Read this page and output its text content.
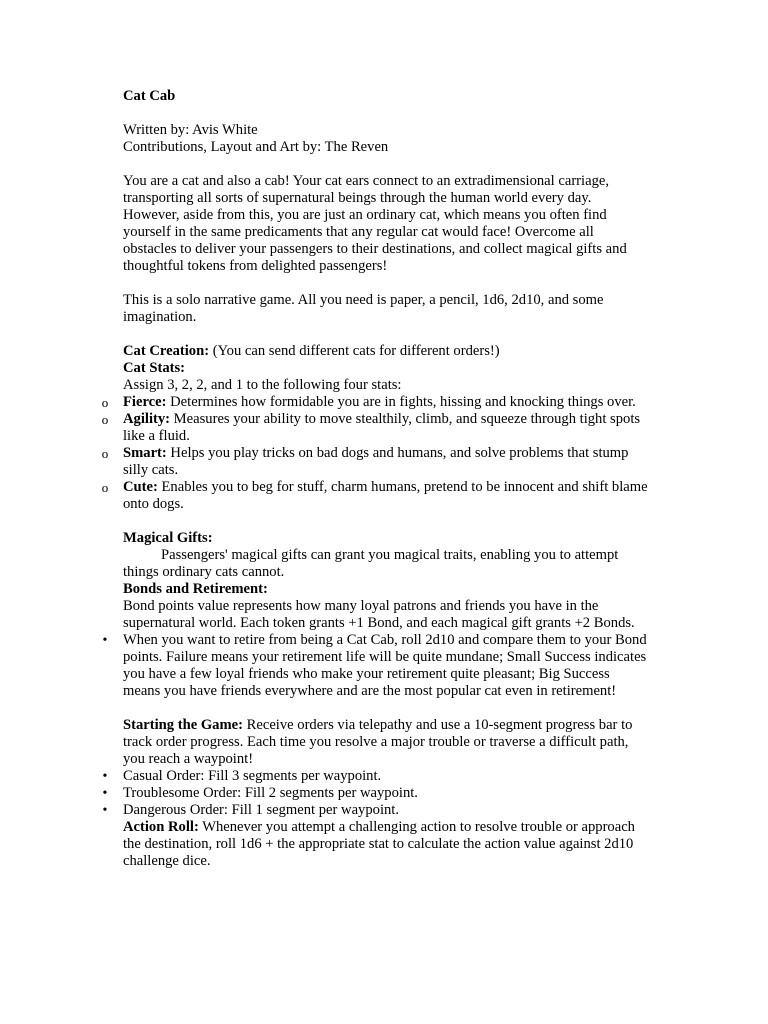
Cat Cab

Written by: Avis White

Contributions, Layout and Art by: The Reven

You are a cat and also a cab! Your cat ears connect to an extradimensional carriage, transporting all sorts of supernatural beings through the human world every day. However, aside from this, you are just an ordinary cat, which means you often find yourself in the same predicaments that any regular cat would face! Overcome all obstacles to deliver your passengers to their destinations, and collect magical gifts and thoughtful tokens from delighted passengers!

This is a solo narrative game. All you need is paper, a pencil, 1d6, 2d10, and some imagination.

Cat Creation: (You can send different cats for different orders!)

Cat Stats:

Assign 3, 2, 2, and 1 to the following four stats:

o Fierce: Determines how formidable you are in fights, hissing and knocking things over.
o Agility: Measures your ability to move stealthily, climb, and squeeze through tight spots like a fluid.
o Smart: Helps you play tricks on bad dogs and humans, and solve problems that stump silly cats.
o Cute: Enables you to beg for stuff, charm humans, pretend to be innocent and shift blame onto dogs.

Magical Gifts:

Passengers' magical gifts can grant you magical traits, enabling you to attempt things ordinary cats cannot.

Bonds and Retirement:

Bond points value represents how many loyal patrons and friends you have in the supernatural world. Each token grants +1 Bond, and each magical gift grants +2 Bonds.

• When you want to retire from being a Cat Cab, roll 2d10 and compare them to your Bond points. Failure means your retirement life will be quite mundane; Small Success indicates you have a few loyal friends who make your retirement quite pleasant; Big Success means you have friends everywhere and are the most popular cat even in retirement!

Starting the Game: Receive orders via telepathy and use a 10-segment progress bar to track order progress. Each time you resolve a major trouble or traverse a difficult path, you reach a waypoint!

• Casual Order: Fill 3 segments per waypoint.
• Troublesome Order: Fill 2 segments per waypoint.
• Dangerous Order: Fill 1 segment per waypoint.

Action Roll: Whenever you attempt a challenging action to resolve trouble or approach the destination, roll 1d6 + the appropriate stat to calculate the action value against 2d10 challenge dice.
